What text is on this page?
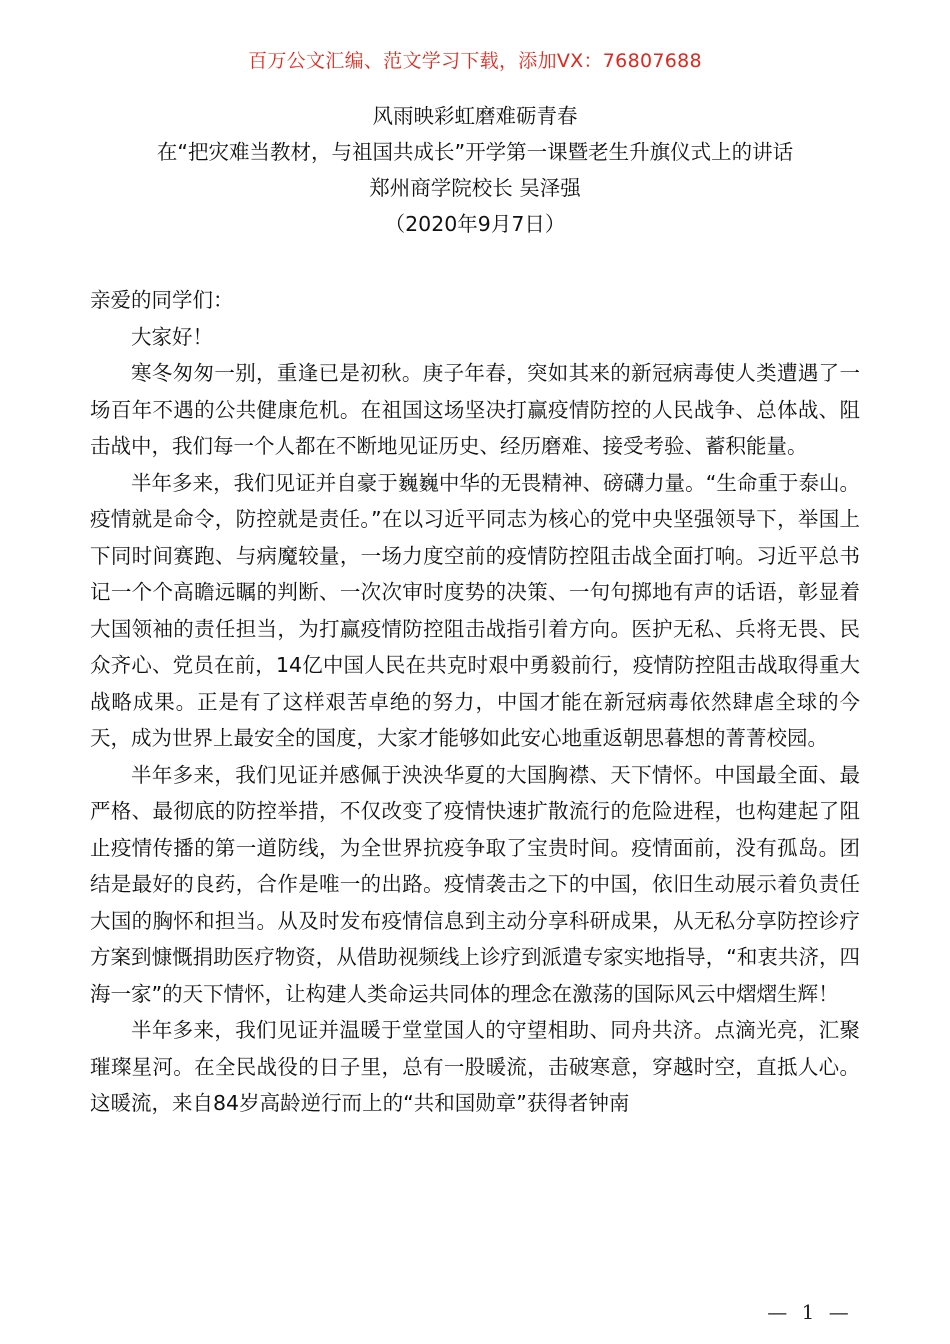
百万公文汇编、范文学习下载，添加VX：76807688
风雨映彩虹磨难砺青春
在“把灾难当教材，与祖国共成长”开学第一课暨老生升旗仪式上的讲话
郑州商学院校长 吴泽强
（2020年9月7日）

亲爱的同学们：

大家好！

寒冬匆匆一别，重逢已是初秋。庚子年春，突如其来的新冠病毒使人类遭遇了一场百年不遇的公共健康危机。在祖国这场坚决打赢疫情防控的人民战争、总体战、阻击战中，我们每一个人都在不断地见证历史、经历磨难、接受考验、蓄积能量。

半年多来，我们见证并自豪于巍巍中华的无畏精神、磅礴力量。“生命重于泰山。疫情就是命令，防控就是责任。”在以习近平同志为核心的党中央坚强领导下，举国上下同时间赛跑、与病魔较量，一场力度空前的疫情防控阻击战全面打响。习近平总书记一个个高瞻远瞩的判断、一次次审时度势的决策、一句句掷地有声的话语，彰显着大国领袖的责任担当，为打赢疫情防控阻击战指引着方向。医护无私、兵将无畏、民众齐心、党员在前，14亿中国人民在共克时艰中勇毅前行，疫情防控阻击战取得重大战略成果。正是有了这样艰苦卓绝的努力，中国才能在新冠病毒依然肆虐全球的今天，成为世界上最安全的国度，大家才能够如此安心地重返朝思暮想的菁菁校园。

半年多来，我们见证并感佩于泱泱华夏的大国胸襟、天下情怀。中国最全面、最严格、最彻底的防控举措，不仅改变了疫情快速扩散流行的危险进程，也构建起了阻止疫情传播的第一道防线，为全世界抗疫争取了宝贵时间。疫情面前，没有孤岛。团结是最好的良药，合作是唯一的出路。疫情袭击之下的中国，依旧生动展示着负责任大国的胸怀和担当。从及时发布疫情信息到主动分享科研成果，从无私分享防控诊疗方案到慷慨捐助医疗物资，从借助视频线上诊疗到派遣专家实地指导，“和衷共济，四海一家”的天下情怀，让构建人类命运共同体的理念在激荡的国际风云中熠熠生辉！

半年多来，我们见证并温暖于堂堂国人的守望相助、同舟共济。点滴光亮，汇聚璀璨星河。在全民战役的日子里，总有一股暖流，击破寒意，穿越时空，直抵人心。这暖流，来自84岁高龄逆行而上的“共和国勋章”获得者钟南

— 1 —
